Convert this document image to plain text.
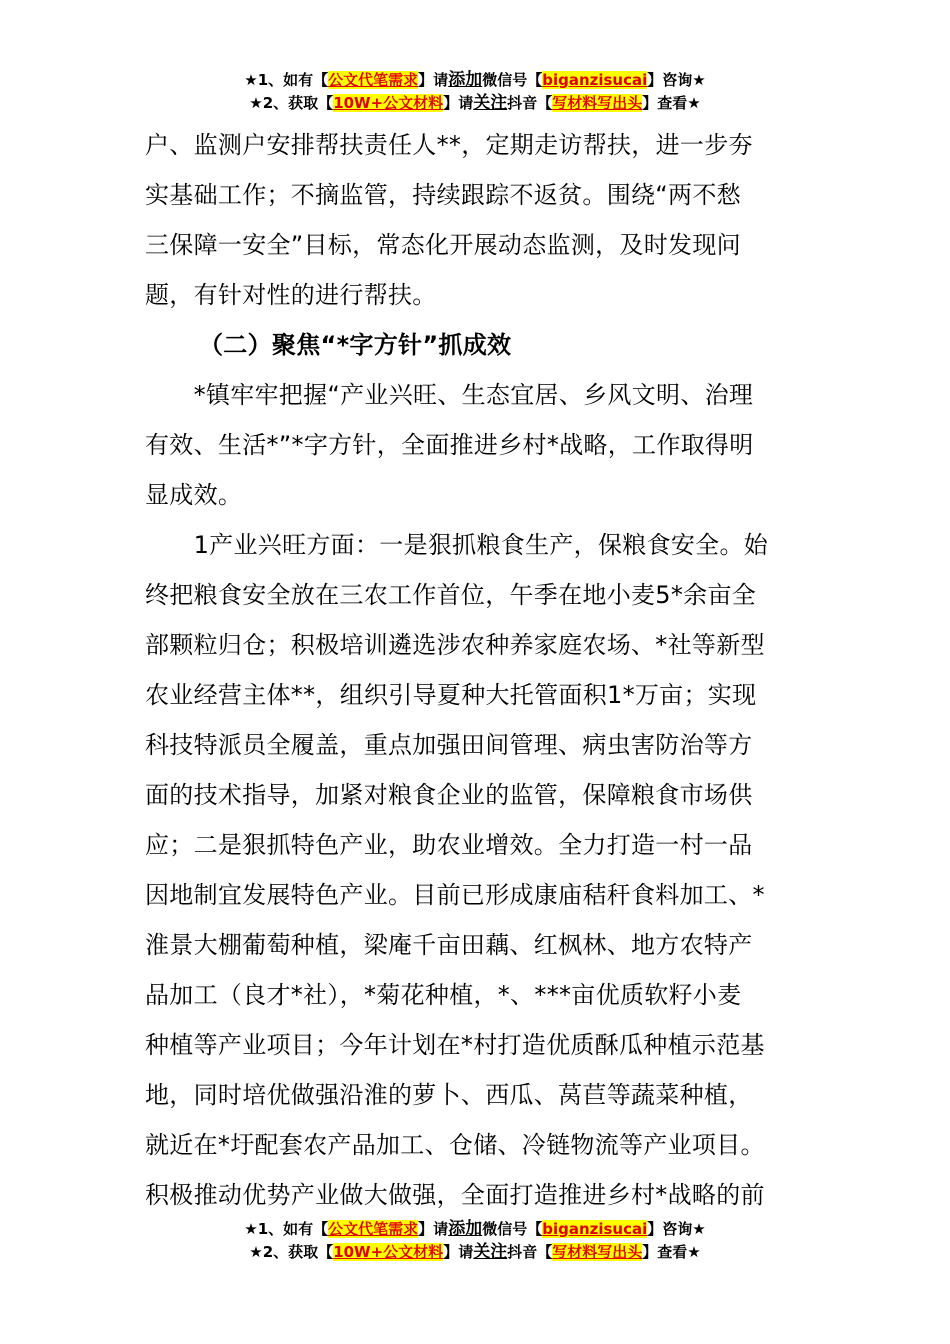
★1、如有【公文代笔需求】请添加微信号【biganzisucai】咨询★
★2、获取【10W+公文材料】请关注抖音【写材料写出头】查看★
户、监测户安排帮扶责任人**，定期走访帮扶，进一步夯
实基础工作；不摘监管，持续跟踪不返贫。围绕“两不愁
三保障一安全”目标，常态化开展动态监测，及时发现问
题，有针对性的进行帮扶。
（二）聚焦“*字方针”抓成效
　　*镇牢牢把握“产业兴旺、生态宜居、乡风文明、治理
有效、生活*”*字方针，全面推进乡村*战略，工作取得明
显成效。
　　1产业兴旺方面：一是狠抓粮食生产，保粮食安全。始
终把粮食安全放在三农工作首位，午季在地小麦5*余亩全
部颗粒归仓；积极培训遴选涉农种养家庭农场、*社等新型
农业经营主体**，组织引导夏种大托管面积1*万亩；实现
科技特派员全履盖，重点加强田间管理、病虫害防治等方
面的技术指导，加紧对粮食企业的监管，保障粮食市场供
应；二是狠抓特色产业，助农业增效。全力打造一村一品
因地制宜发展特色产业。目前已形成康庙秸秆食料加工、*
淮景大棚葡萄种植，梁庵千亩田藕、红枫林、地方农特产
品加工（良才*社），*菊花种植，*、***亩优质软籽小麦
种植等产业项目；今年计划在*村打造优质酥瓜种植示范基
地，同时培优做强沿淮的萝卜、西瓜、莴苣等蔬菜种植，
就近在*圩配套农产品加工、仓储、冷链物流等产业项目。
积极推动优势产业做大做强，全面打造推进乡村*战略的前
★1、如有【公文代笔需求】请添加微信号【biganzisucai】咨询★
★2、获取【10W+公文材料】请关注抖音【写材料写出头】查看★
